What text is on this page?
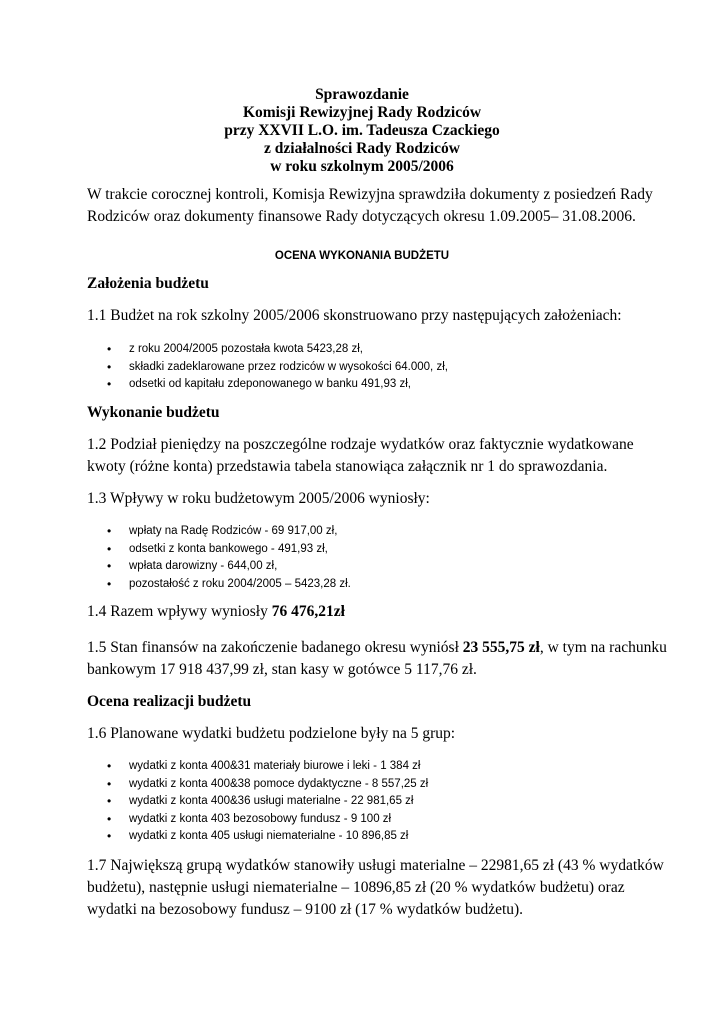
Sprawozdanie
Komisji Rewizyjnej Rady Rodziców
przy XXVII L.O. im. Tadeusza Czackiego
z działalności Rady Rodziców
w roku szkolnym 2005/2006
W trakcie corocznej kontroli, Komisja Rewizyjna sprawdziła dokumenty z posiedzeń Rady
Rodziców oraz dokumenty finansowe Rady dotyczących okresu 1.09.2005– 31.08.2006.
OCENA WYKONANIA BUDŻETU
Założenia budżetu
1.1 Budżet na rok szkolny 2005/2006 skonstruowano przy następujących założeniach:
• z roku 2004/2005 pozostała kwota 5423,28 zł,
• składki zadeklarowane przez rodziców w wysokości 64.000, zł,
• odsetki od kapitału zdeponowanego w banku 491,93 zł,
Wykonanie budżetu
1.2 Podział pieniędzy na poszczególne rodzaje wydatków oraz faktycznie wydatkowane
kwoty (różne konta) przedstawia tabela stanowiąca załącznik nr 1 do sprawozdania.
1.3 Wpływy w roku budżetowym 2005/2006 wyniosły:
• wpłaty na Radę Rodziców - 69 917,00 zł,
• odsetki z konta bankowego - 491,93 zł,
• wpłata darowizny - 644,00 zł,
• pozostałość z roku 2004/2005 – 5423,28 zł.
1.4 Razem wpływy wyniosły 76 476,21zł
1.5 Stan finansów na zakończenie badanego okresu wyniósł 23 555,75 zł, w tym na rachunku
bankowym 17 918 437,99 zł, stan kasy w gotówce 5 117,76 zł.
Ocena realizacji budżetu
1.6 Planowane wydatki budżetu podzielone były na 5 grup:
• wydatki z konta 400&31 materiały biurowe i leki - 1 384 zł
• wydatki z konta 400&38 pomoce dydaktyczne - 8 557,25 zł
• wydatki z konta 400&36 usługi materialne - 22 981,65 zł
• wydatki z konta 403 bezosobowy fundusz - 9 100 zł
• wydatki z konta 405 usługi niematerialne - 10 896,85 zł
1.7 Największą grupą wydatków stanowiły usługi materialne – 22981,65 zł (43 % wydatków
budżetu), następnie usługi niematerialne – 10896,85 zł (20 % wydatków budżetu) oraz
wydatki na bezosobowy fundusz – 9100 zł (17 % wydatków budżetu).
